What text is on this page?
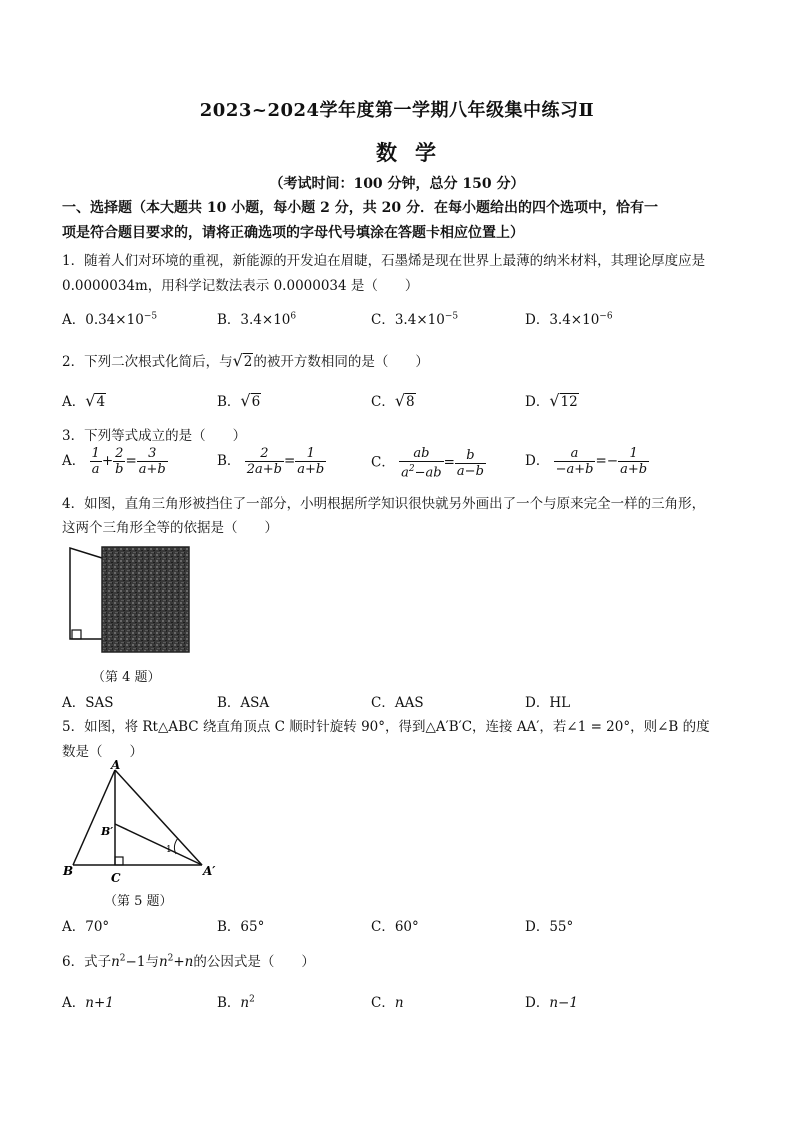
2023~2024学年度第一学期八年级集中练习Ⅱ
数学
（考试时间：100 分钟，总分 150 分）
一、选择题（本大题共 10 小题，每小题 2 分，共 20 分．在每小题给出的四个选项中，恰有一
项是符合题目要求的，请将正确选项的字母代号填涂在答题卡相应位置上）
1．随着人们对环境的重视，新能源的开发迫在眉睫，石墨烯是现在世界上最薄的纳米材料，其理论厚度应是
0.0000034m，用科学记数法表示 0.0000034 是（　　）
A．$0.34\times 10^{-5}$	B．$3.4\times 10^6$	C．$3.4\times 10^{-5}$	D．$3.4\times 10^{-6}$
2．下列二次根式化简后，与√2的被开方数相同的是（　　）
A．√4	B．√6	C．√8	D．√12
3．下列等式成立的是（　　）
A． $\frac{1}{a} + \frac{2}{b} = \frac{3}{a+b}$	B． $\frac{2}{2a+b} = \frac{1}{a+b}$	C． $\frac{ab}{a^2-ab} = \frac{b}{a-b}$	D． $\frac{a}{-a+b} =- \frac{1}{a+b}$
4．如图，直角三角形被挡住了一部分，小明根据所学知识很快就另外画出了一个与原来完全一样的三角形，
这两个三角形全等的依据是（　　）
（第 4 题）
A．SAS	B．ASA	C．AAS	D．HL
5．如图，将 Rt△ABC 绕直角顶点 C 顺时针旋转 90°，得到△A′B′C，连接 AA′，若∠1 = 20°，则∠B 的度
数是（　　）
A
B	C
B′
A′
1
（第 5 题）
A．70°	B．65°	C．60°	D．55°
6．式子$n^2-1$与$n^2+n$的公因式是（　　）
A．n+1	B．$n^2$	C．n	D．n−1
